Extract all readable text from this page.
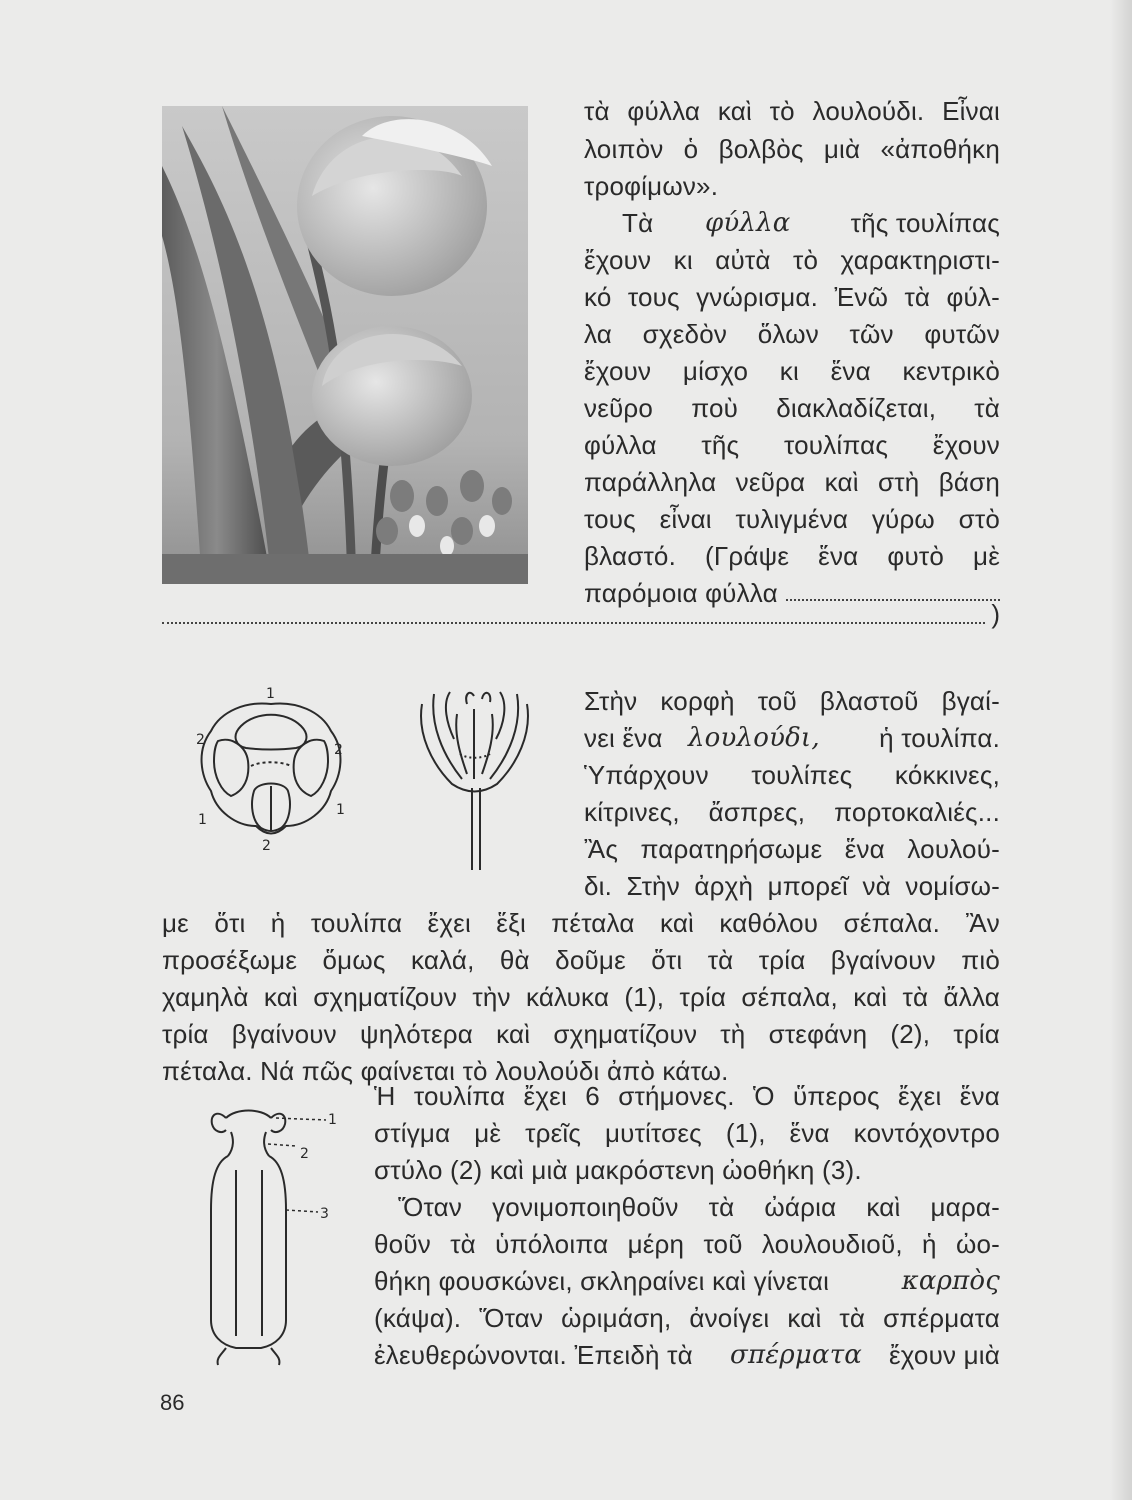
τὰ φύλλα καὶ τὸ λουλούδι. Εἶναι
λοιπὸν ὁ βολβὸς μιὰ «ἀποθήκη
τροφίμων».
Τὰ φύλλα	τῆς τουλίπας
ἔχουν κι αὐτὰ τὸ χαρακτηριστι-
κό τους γνώρισμα. Ἐνῶ τὰ φύλ-
λα σχεδὸν ὅλων τῶν φυτῶν
ἔχουν μίσχο κι ἕνα κεντρικὸ
νεῦρο ποὺ διακλαδίζεται, τὰ
φύλλα τῆς τουλίπας ἔχουν
παράλληλα νεῦρα καὶ στὴ βάση
τους εἶναι τυλιγμένα γύρω στὸ
βλαστό. (Γράψε ἕνα φυτὸ μὲ
παρόμοια φύλλα
)
1
2
2
1
1
2
Στὴν κορφὴ τοῦ βλαστοῦ βγαί-
νει ἕνα λουλούδι,	ἡ τουλίπα.
Ὑπάρχουν τουλίπες κόκκινες,
κίτρινες, ἄσπρες, πορτοκαλιές...
Ἂς παρατηρήσωμε ἕνα λουλού-
δι. Στὴν ἀρχὴ μπορεῖ νὰ νομίσω-
με ὅτι ἡ τουλίπα ἔχει ἕξι πέταλα καὶ καθόλου σέπαλα. Ἂν
προσέξωμε ὅμως καλά, θὰ δοῦμε ὅτι τὰ τρία βγαίνουν πιὸ
χαμηλὰ καὶ σχηματίζουν τὴν κάλυκα (1), τρία σέπαλα, καὶ τὰ ἄλλα
τρία βγαίνουν ψηλότερα καὶ σχηματίζουν τὴ στεφάνη (2), τρία
πέταλα. Νά πῶς φαίνεται τὸ λουλούδι ἀπὸ κάτω.
1
2
3
Ἡ τουλίπα ἔχει 6 στήμονες. Ὁ ὕπερος ἔχει ἕνα
στίγμα μὲ τρεῖς μυτίτσες (1), ἕνα κοντόχοντρο
στύλο (2) καὶ μιὰ μακρόστενη ὠοθήκη (3).
Ὅταν γονιμοποιηθοῦν τὰ ὠάρια καὶ μαρα-
θοῦν τὰ ὑπόλοιπα μέρη τοῦ λουλουδιοῦ, ἡ ὠο-
θήκη φουσκώνει, σκληραίνει καὶ γίνεται	καρπὸς
(κάψα). Ὅταν ὡριμάση, ἀνοίγει καὶ τὰ σπέρματα
ἐλευθερώνονται. Ἐπειδὴ τὰ σπέρματα	ἔχουν μιὰ
86
